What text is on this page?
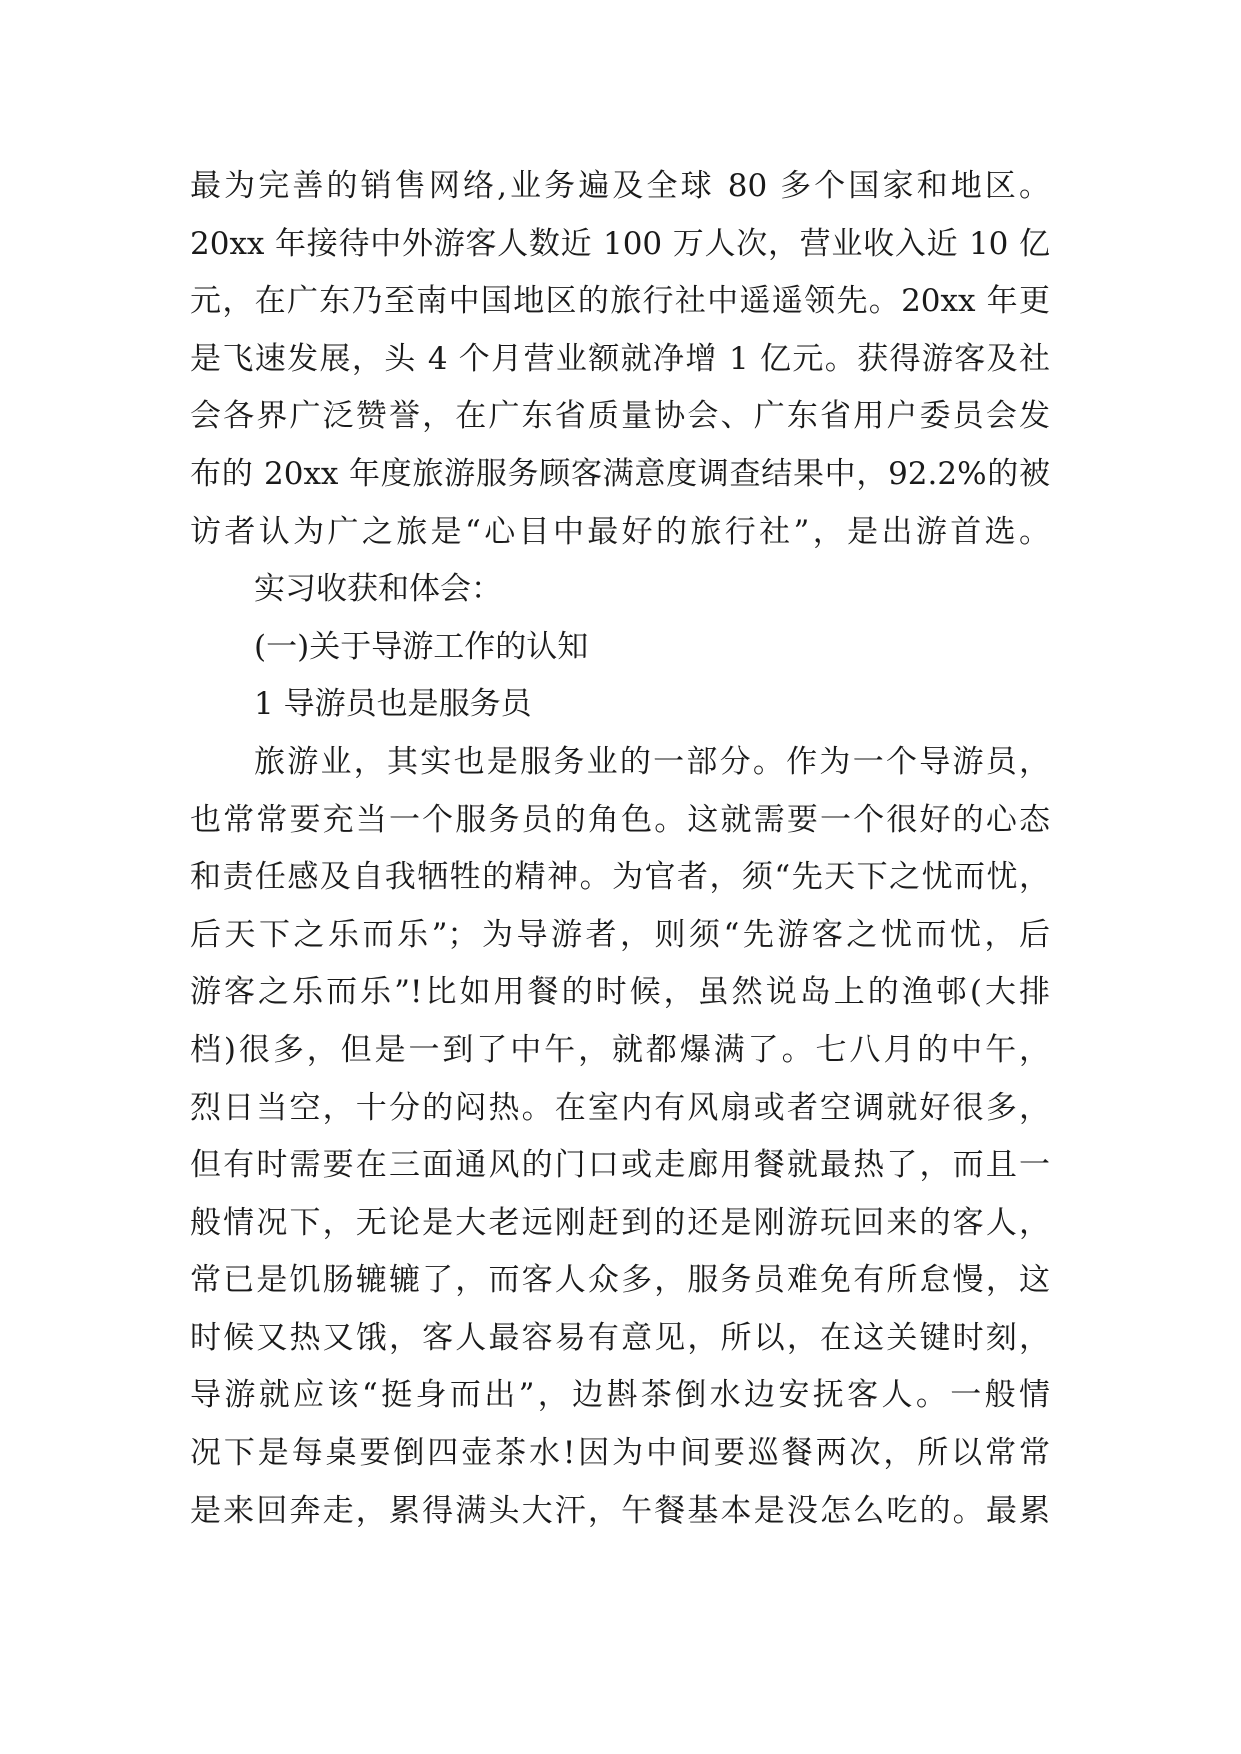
最为完善的销售网络,业务遍及全球 80 多个国家和地区。
20xx 年接待中外游客人数近 100 万人次，营业收入近 10 亿
元，在广东乃至南中国地区的旅行社中遥遥领先。20xx 年更
是飞速发展，头 4 个月营业额就净增 1 亿元。获得游客及社
会各界广泛赞誉，在广东省质量协会、广东省用户委员会发
布的 20xx 年度旅游服务顾客满意度调查结果中，92.2%的被
访者认为广之旅是“心目中最好的旅行社”，是出游首选。
实习收获和体会：
(一)关于导游工作的认知
1 导游员也是服务员
旅游业，其实也是服务业的一部分。作为一个导游员，
也常常要充当一个服务员的角色。这就需要一个很好的心态
和责任感及自我牺牲的精神。为官者，须“先天下之忧而忧，
后天下之乐而乐”；为导游者，则须“先游客之忧而忧，后
游客之乐而乐”!比如用餐的时候，虽然说岛上的渔邨(大排
档)很多，但是一到了中午，就都爆满了。七八月的中午，
烈日当空，十分的闷热。在室内有风扇或者空调就好很多，
但有时需要在三面通风的门口或走廊用餐就最热了，而且一
般情况下，无论是大老远刚赶到的还是刚游玩回来的客人，
常已是饥肠辘辘了，而客人众多，服务员难免有所怠慢，这
时候又热又饿，客人最容易有意见，所以，在这关键时刻，
导游就应该“挺身而出”，边斟茶倒水边安抚客人。一般情
况下是每桌要倒四壶茶水!因为中间要巡餐两次，所以常常
是来回奔走，累得满头大汗，午餐基本是没怎么吃的。最累
